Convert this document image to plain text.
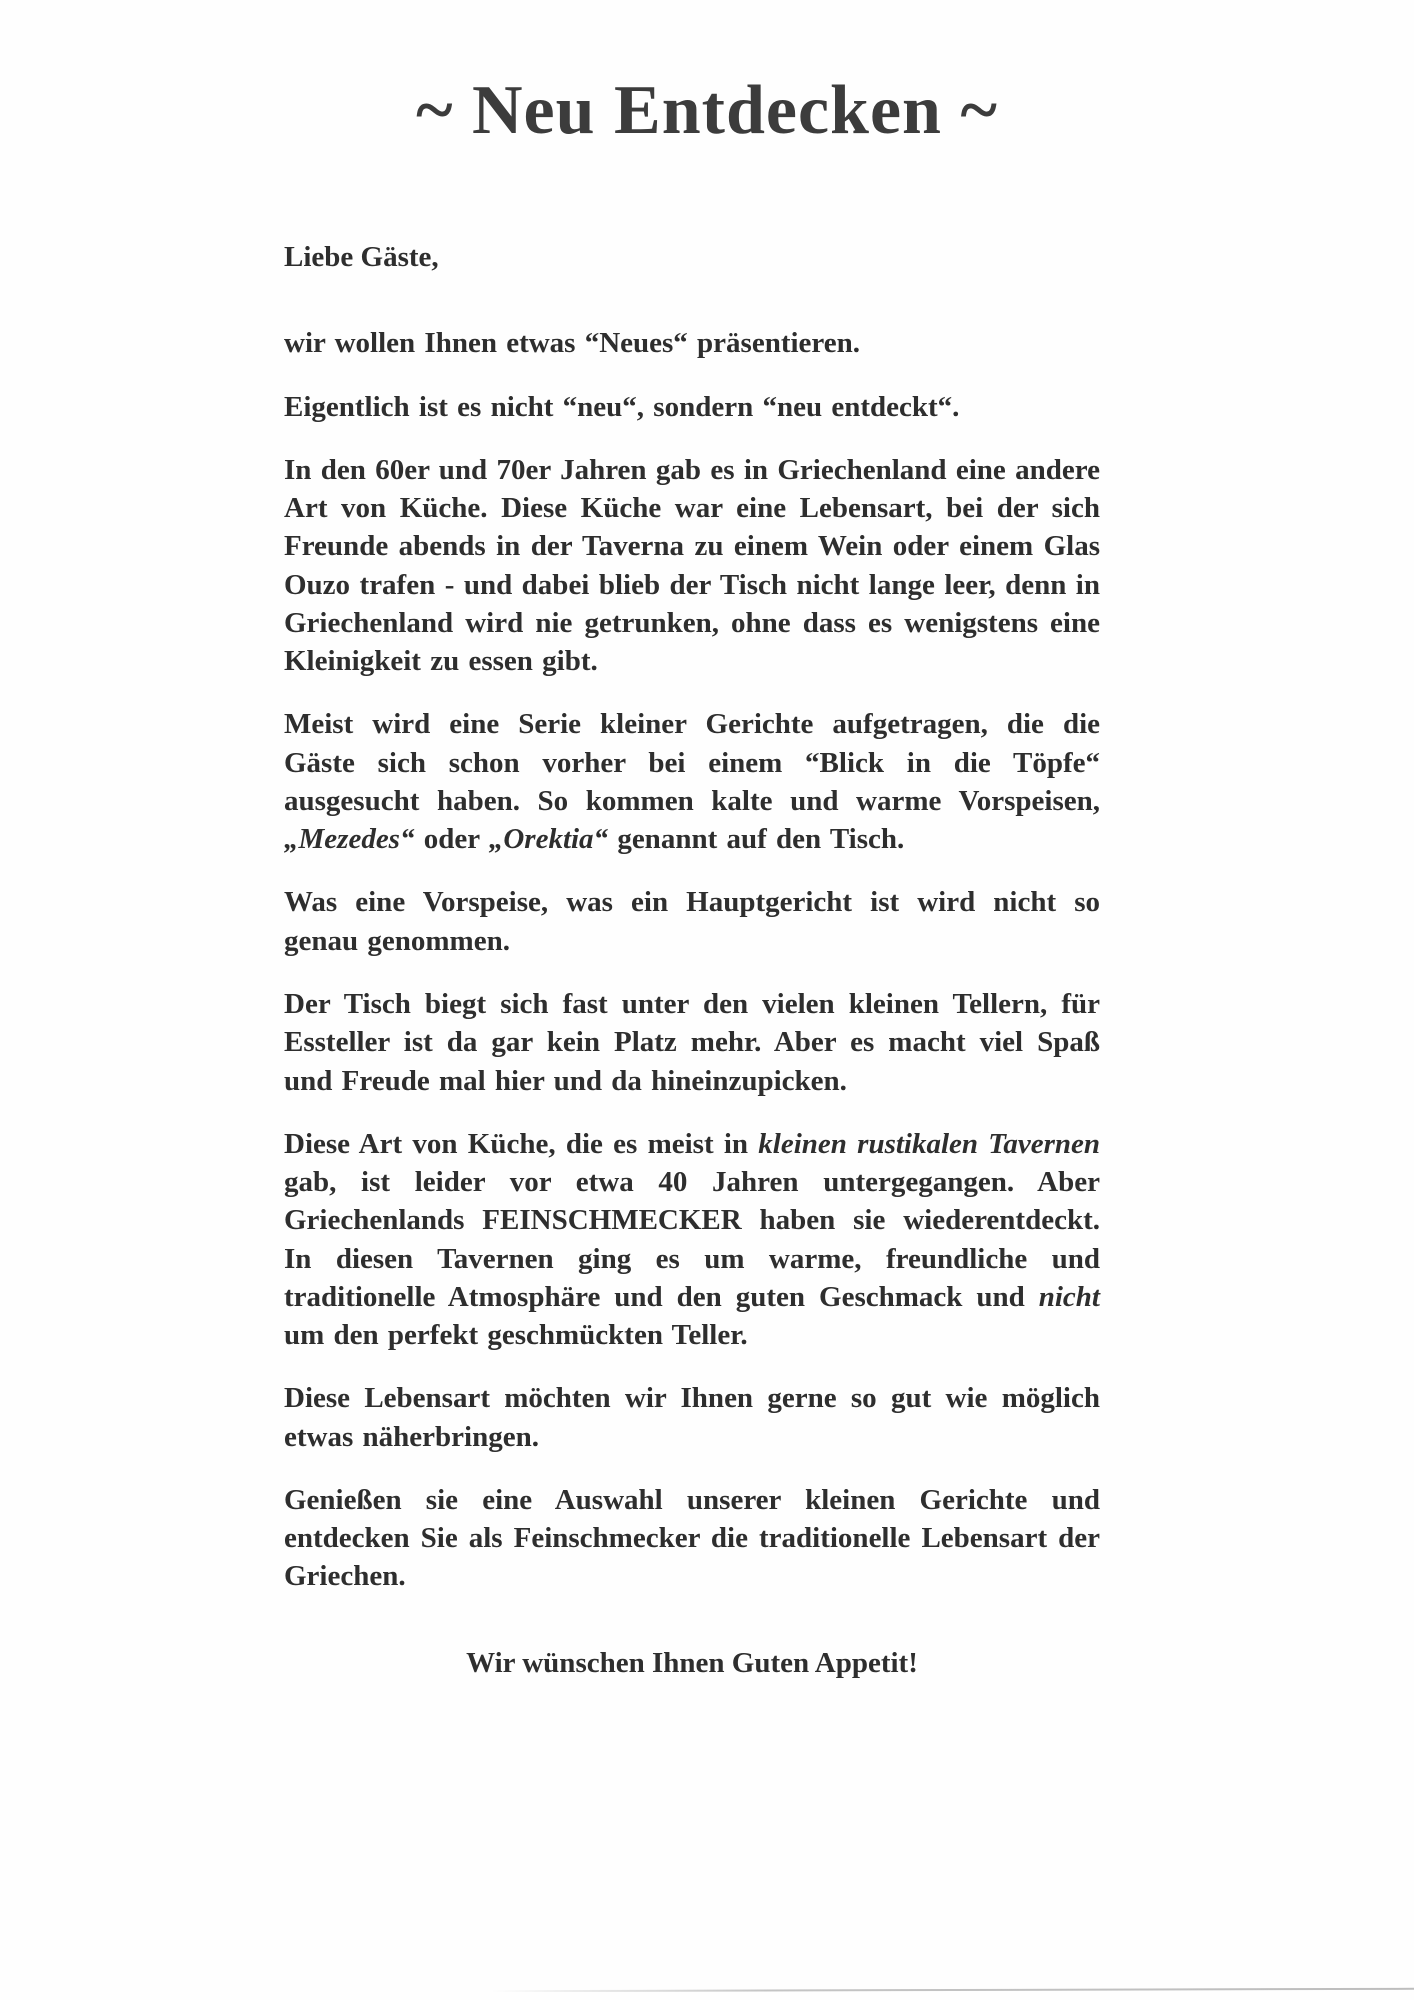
~ Neu Entdecken ~

Liebe Gäste,

wir wollen Ihnen etwas “Neues“ präsentieren.

Eigentlich ist es nicht “neu“, sondern “neu entdeckt“.

In den 60er und 70er Jahren gab es in Griechenland eine andere Art von Küche. Diese Küche war eine Lebensart, bei der sich Freunde abends in der Taverna zu einem Wein oder einem Glas Ouzo trafen - und dabei blieb der Tisch nicht lange leer, denn in Griechenland wird nie getrunken, ohne dass es wenigstens eine Kleinigkeit zu essen gibt.

Meist wird eine Serie kleiner Gerichte aufgetragen, die die Gäste sich schon vorher bei einem “Blick in die Töpfe“ ausgesucht haben. So kommen kalte und warme Vorspeisen, „Mezedes“ oder „Orektia“ genannt auf den Tisch.

Was eine Vorspeise, was ein Hauptgericht ist wird nicht so genau genommen.

Der Tisch biegt sich fast unter den vielen kleinen Tellern, für Essteller ist da gar kein Platz mehr. Aber es macht viel Spaß und Freude mal hier und da hineinzupicken.

Diese Art von Küche, die es meist in kleinen rustikalen Tavernen gab, ist leider vor etwa 40 Jahren untergegangen. Aber Griechenlands FEINSCHMECKER haben sie wiederentdeckt. In diesen Tavernen ging es um warme, freundliche und traditionelle Atmosphäre und den guten Geschmack und nicht um den perfekt geschmückten Teller.

Diese Lebensart möchten wir Ihnen gerne so gut wie möglich etwas näherbringen.

Genießen sie eine Auswahl unserer kleinen Gerichte und entdecken Sie als Feinschmecker die traditionelle Lebensart der Griechen.

Wir wünschen Ihnen Guten Appetit!
